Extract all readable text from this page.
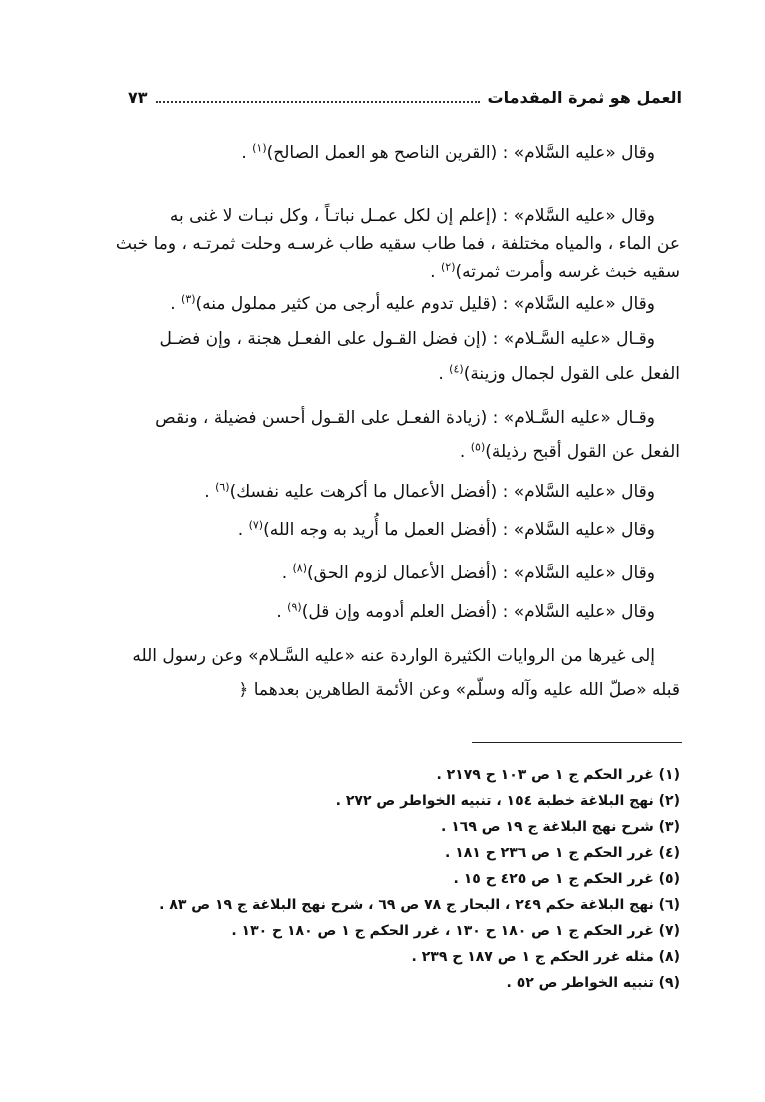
العمل هو ثمرة المقدمات
٧٣
وقال «عليه السَّلام» : (القرين الناصح هو العمل الصالح)$^{(١)}$ .
وقال «عليه السَّلام» : (إعلم إن لكل عمـل نباتـاً ، وكل نبـات لا غنى به
عن الماء ، والمياه مختلفة ، فما طاب سقيه طاب غرسـه وحلت ثمرتـه ، وما خبث
سقيه خبث غرسه وأمرت ثمرته)$^{(٢)}$ .
وقال «عليه السَّلام» : (قليل تدوم عليه أرجى من كثير مملول منه)$^{(٣)}$ .
وقـال «عليه السَّـلام» : (إن فضل القـول على الفعـل هجنة ، وإن فضـل
الفعل على القول لجمال وزينة)$^{(٤)}$ .
وقـال «عليه السَّـلام» : (زيادة الفعـل على القـول أحسن فضيلة ، ونقص
الفعل عن القول أقبح رذيلة)$^{(٥)}$ .
وقال «عليه السَّلام» : (أفضل الأعمال ما أكرهت عليه نفسك)$^{(٦)}$ .
وقال «عليه السَّلام» : (أفضل العمل ما أُريد به وجه الله)$^{(٧)}$ .
وقال «عليه السَّلام» : (أفضل الأعمال لزوم الحق)$^{(٨)}$ .
وقال «عليه السَّلام» : (أفضل العلم أدومه وإن قل)$^{(٩)}$ .
إلى غيرها من الروايات الكثيرة الواردة عنه «عليه السَّـلام» وعن رسول الله
قبله «صلّ الله عليه وآله وسلّم» وعن الأئمة الطاهرين بعدهما ﴿
(١) غرر الحكم ج ١ ص ١٠٣ ح ٢١٧٩ .
(٢) نهج البلاغة خطبة ١٥٤ ، تنبيه الخواطر ص ٢٧٢ .
(٣) شرح نهج البلاغة ج ١٩ ص ١٦٩ .
(٤) غرر الحكم ج ١ ص ٢٣٦ ح ١٨١ .
(٥) غرر الحكم ج ١ ص ٤٢٥ ح ١٥ .
(٦) نهج البلاغة حكم ٢٤٩ ، البحار ج ٧٨ ص ٦٩ ، شرح نهج البلاغة ج ١٩ ص ٨٣ .
(٧) غرر الحكم ج ١ ص ١٨٠ ح ١٣٠ ، غرر الحكم ج ١ ص ١٨٠ ح ١٣٠ .
(٨) مثله غرر الحكم ج ١ ص ١٨٧ ح ٢٣٩ .
(٩) تنبيه الخواطر ص ٥٢ .
